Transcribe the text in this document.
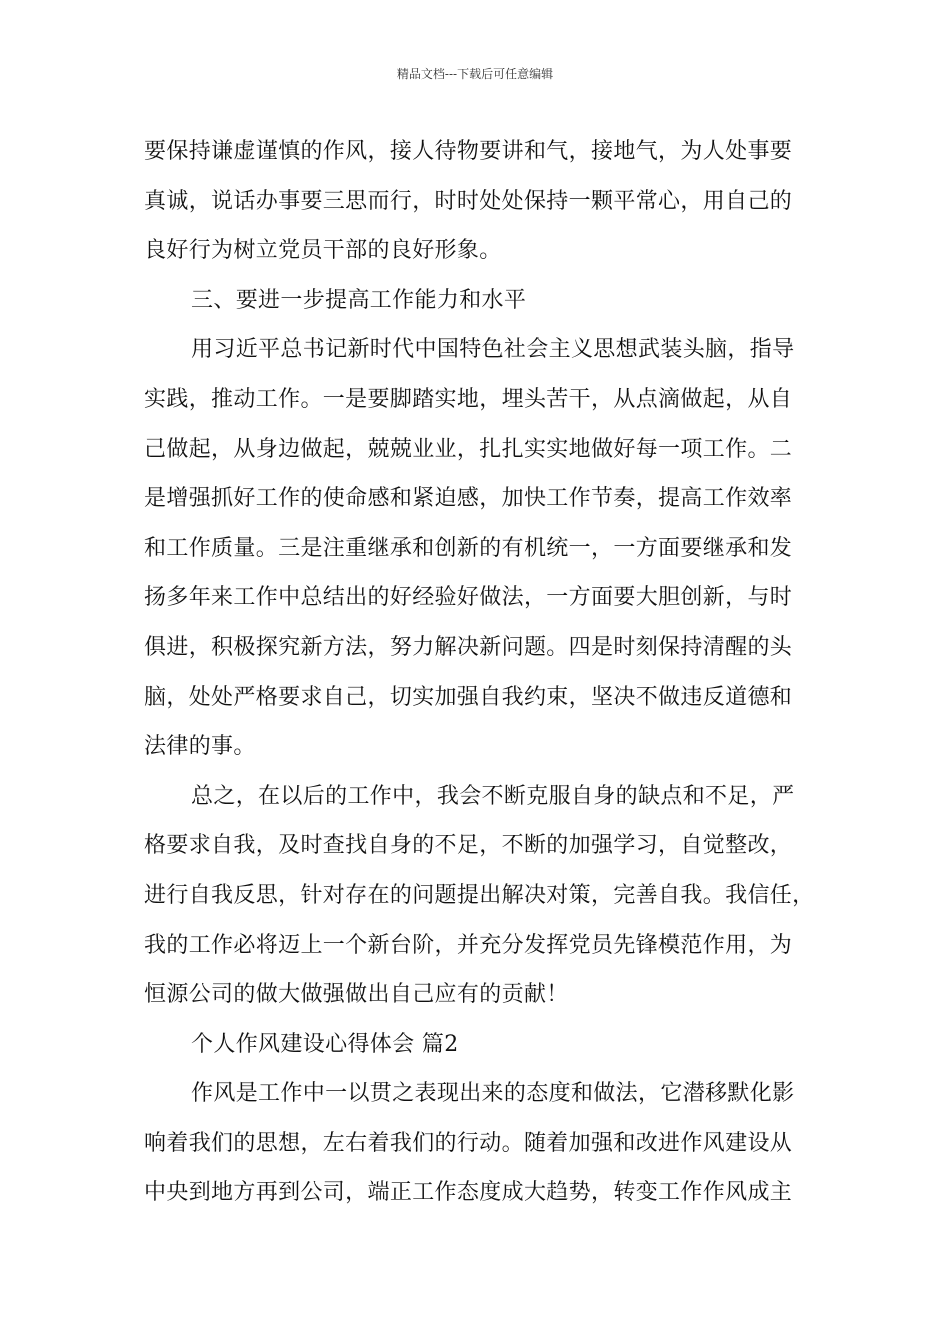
精品文档---下载后可任意编辑
要保持谦虚谨慎的作风，接人待物要讲和气，接地气，为人处事要
真诚，说话办事要三思而行，时时处处保持一颗平常心，用自己的
良好行为树立党员干部的良好形象。
三、要进一步提高工作能力和水平
用习近平总书记新时代中国特色社会主义思想武装头脑，指导
实践，推动工作。一是要脚踏实地，埋头苦干，从点滴做起，从自
己做起，从身边做起，兢兢业业，扎扎实实地做好每一项工作。二
是增强抓好工作的使命感和紧迫感，加快工作节奏，提高工作效率
和工作质量。三是注重继承和创新的有机统一，一方面要继承和发
扬多年来工作中总结出的好经验好做法，一方面要大胆创新，与时
俱进，积极探究新方法，努力解决新问题。四是时刻保持清醒的头
脑，处处严格要求自己，切实加强自我约束，坚决不做违反道德和
法律的事。
总之，在以后的工作中，我会不断克服自身的缺点和不足，严
格要求自我，及时查找自身的不足，不断的加强学习，自觉整改，
进行自我反思，针对存在的问题提出解决对策，完善自我。我信任，
我的工作必将迈上一个新台阶，并充分发挥党员先锋模范作用，为
恒源公司的做大做强做出自己应有的贡献！
个人作风建设心得体会 篇2
作风是工作中一以贯之表现出来的态度和做法，它潜移默化影
响着我们的思想，左右着我们的行动。随着加强和改进作风建设从
中央到地方再到公司，端正工作态度成大趋势，转变工作作风成主
